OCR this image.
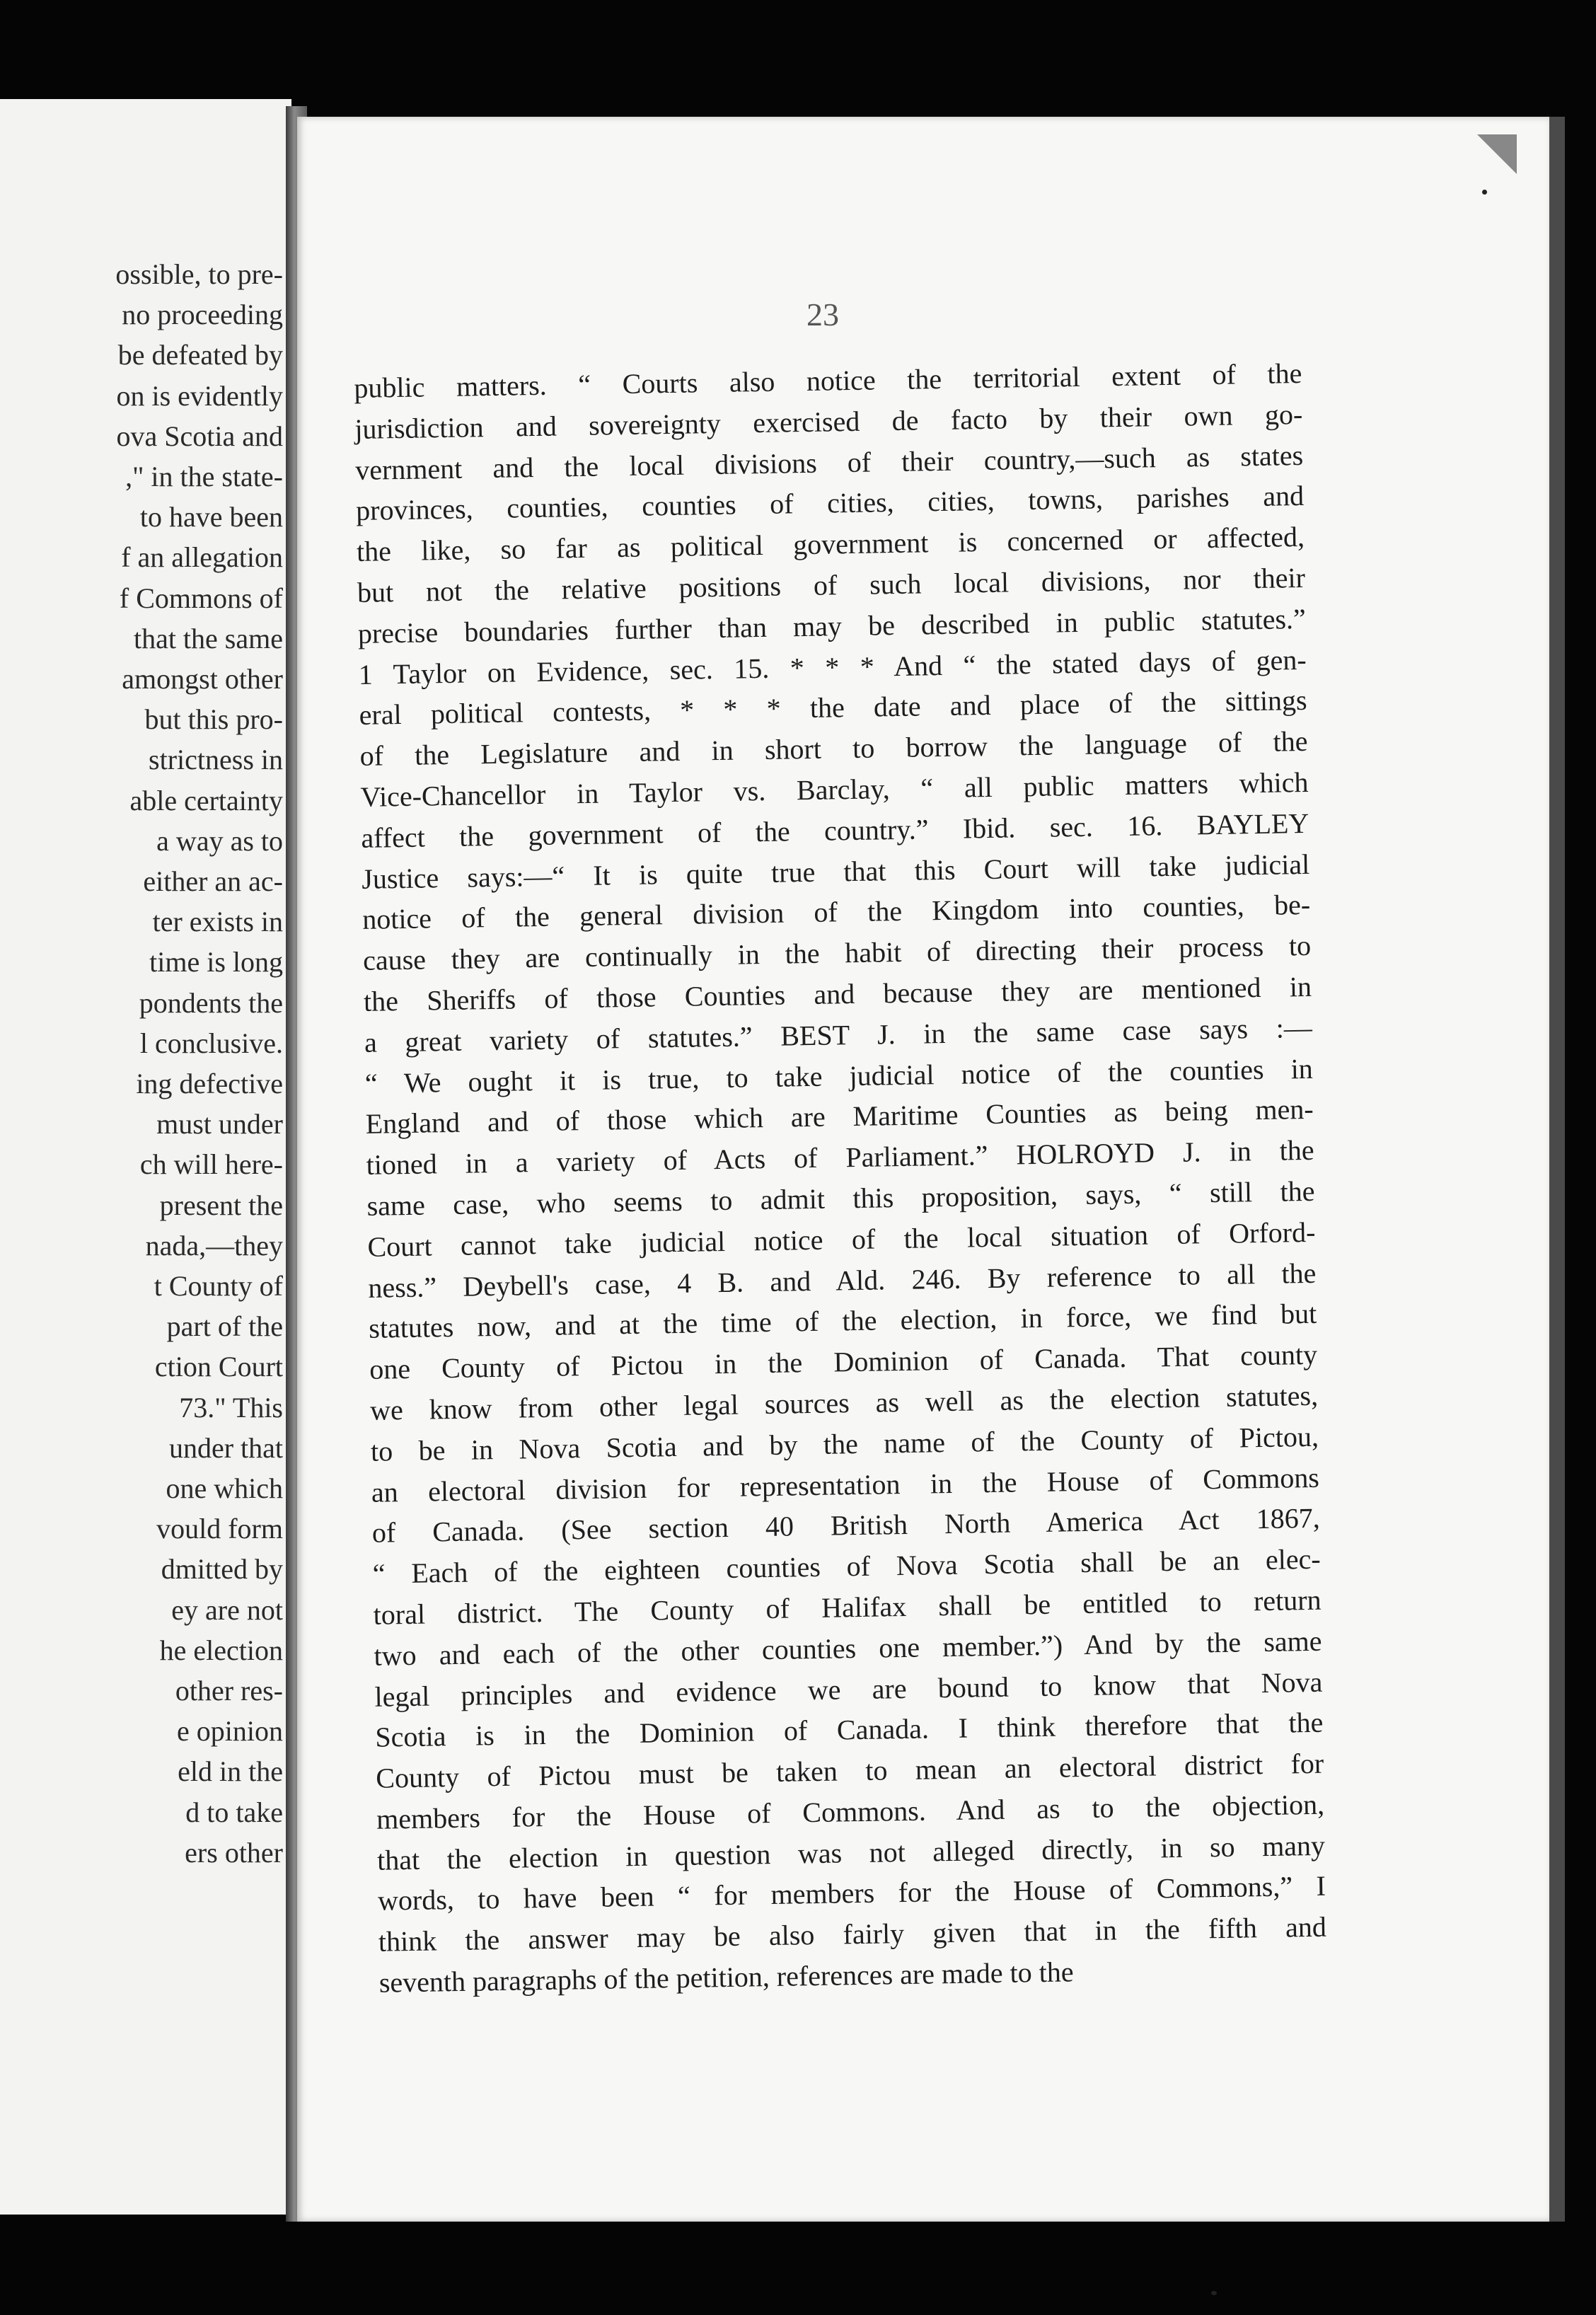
ossible, to pre-

no proceeding

be defeated by

on is evidently

ova Scotia and

," in the state-

to have been

f an allegation

f Commons of

that the same

amongst other

but this pro-

strictness in

able certainty

a way as to

either an ac-

ter exists in

time is long

pondents the

l conclusive.

ing defective

must under

ch will here-

present the

nada,—they

t County of

part of the

ction Court

73." This

under that

one which

vould form

dmitted by

ey are not

he election

other res-

e opinion

eld in the

d to take

ers other

23

public matters. “ Courts also notice the territorial extent of the

jurisdiction and sovereignty exercised de facto by their own go-

vernment and the local divisions of their country,—such as states

provinces, counties, counties of cities, cities, towns, parishes and

the like, so far as political government is concerned or affected,

but not the relative positions of such local divisions, nor their

precise boundaries further than may be described in public statutes.”

1 Taylor on Evidence, sec. 15. * * * And “ the stated days of gen-

eral political contests, * * * the date and place of the sittings

of the Legislature and in short to borrow the language of the

Vice-Chancellor in Taylor vs. Barclay, “ all public matters which

affect the government of the country.” Ibid. sec. 16. BAYLEY

Justice says:—“ It is quite true that this Court will take judicial

notice of the general division of the Kingdom into counties, be-

cause they are continually in the habit of directing their process to

the Sheriffs of those Counties and because they are mentioned in

a great variety of statutes.” BEST J. in the same case says :—

“ We ought it is true, to take judicial notice of the counties in

England and of those which are Maritime Counties as being men-

tioned in a variety of Acts of Parliament.” HOLROYD J. in the

same case, who seems to admit this proposition, says, “ still the

Court cannot take judicial notice of the local situation of Orford-

ness.” Deybell's case, 4 B. and Ald. 246. By reference to all the

statutes now, and at the time of the election, in force, we find but

one County of Pictou in the Dominion of Canada. That county

we know from other legal sources as well as the election statutes,

to be in Nova Scotia and by the name of the County of Pictou,

an electoral division for representation in the House of Commons

of Canada. (See section 40 British North America Act 1867,

“ Each of the eighteen counties of Nova Scotia shall be an elec-

toral district. The County of Halifax shall be entitled to return

two and each of the other counties one member.”) And by the same

legal principles and evidence we are bound to know that Nova

Scotia is in the Dominion of Canada. I think therefore that the

County of Pictou must be taken to mean an electoral district for

members for the House of Commons. And as to the objection,

that the election in question was not alleged directly, in so many

words, to have been “ for members for the House of Commons,” I

think the answer may be also fairly given that in the fifth and

seventh paragraphs of the petition, references are made to the
